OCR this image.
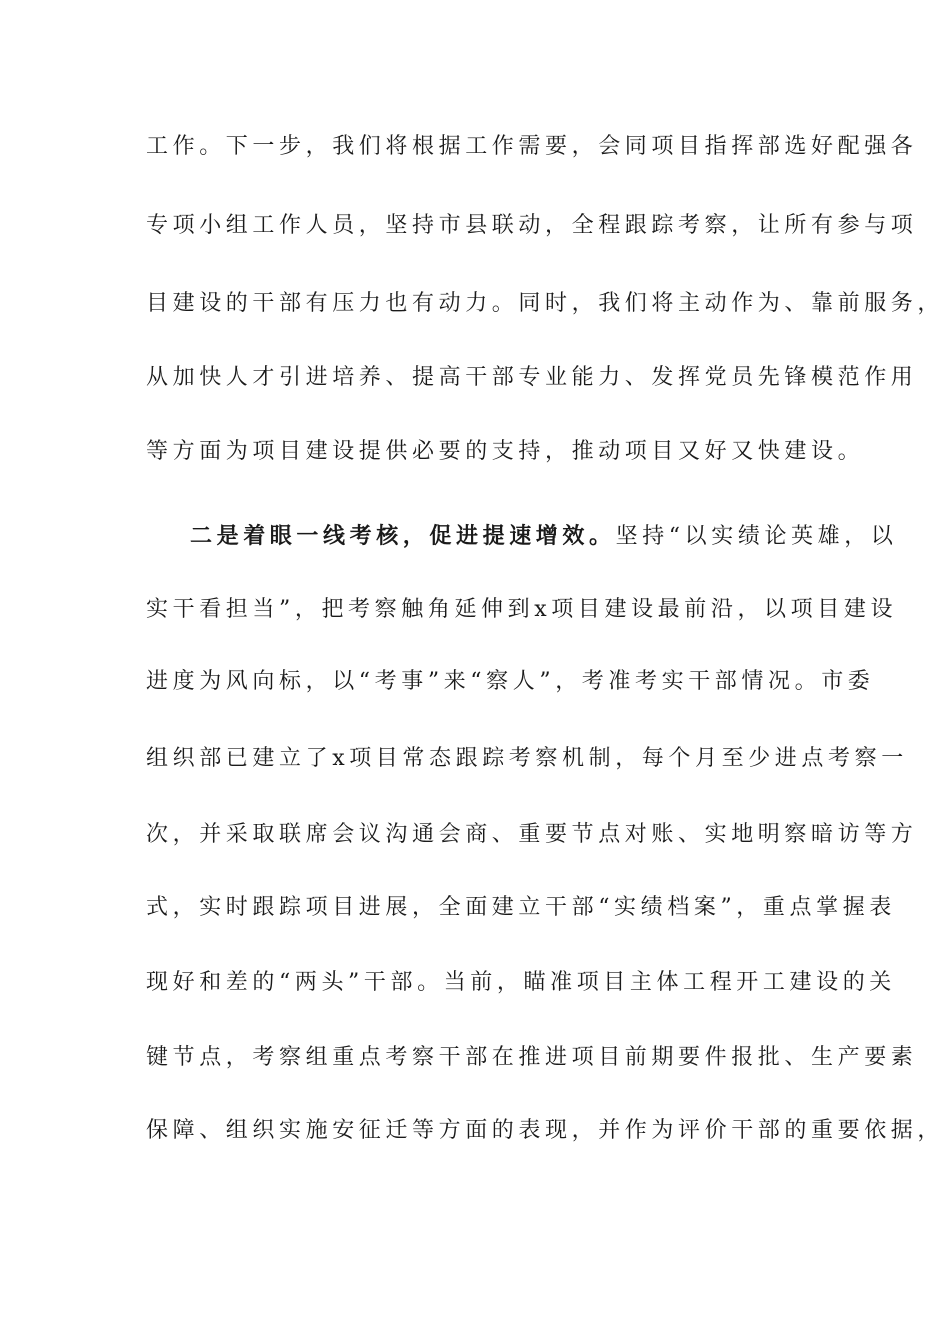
工作。下一步，我们将根据工作需要，会同项目指挥部选好配强各
专项小组工作人员，坚持市县联动，全程跟踪考察，让所有参与项
目建设的干部有压力也有动力。同时，我们将主动作为、靠前服务，
从加快人才引进培养、提高干部专业能力、发挥党员先锋模范作用
等方面为项目建设提供必要的支持，推动项目又好又快建设。
二是着眼一线考核，促进提速增效。坚持“以实绩论英雄，以
实干看担当”，把考察触角延伸到x项目建设最前沿，以项目建设
进度为风向标，以“考事”来“察人”，考准考实干部情况。市委
组织部已建立了x项目常态跟踪考察机制，每个月至少进点考察一
次，并采取联席会议沟通会商、重要节点对账、实地明察暗访等方
式，实时跟踪项目进展，全面建立干部“实绩档案”，重点掌握表
现好和差的“两头”干部。当前，瞄准项目主体工程开工建设的关
键节点，考察组重点考察干部在推进项目前期要件报批、生产要素
保障、组织实施安征迁等方面的表现，并作为评价干部的重要依据，
